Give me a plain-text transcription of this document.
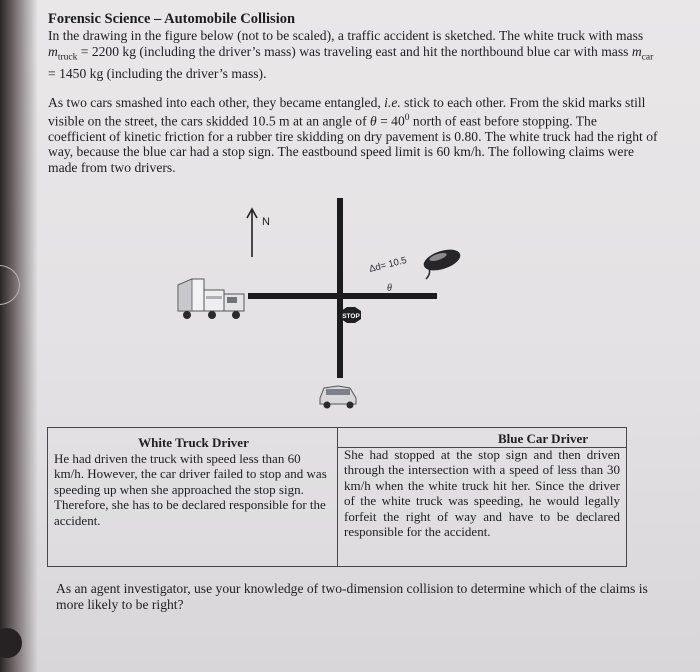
Forensic Science – Automobile Collision
In the drawing in the figure below (not to be scaled), a traffic accident is sketched. The white truck with mass $m_{truck} = 2200$ kg (including the driver’s mass) was traveling east and hit the northbound blue car with mass $m_{car} = 1450$ kg (including the driver’s mass).
As two cars smashed into each other, they became entangled, i.e. stick to each other. From the skid marks still visible on the street, the cars skidded 10.5 m at an angle of $\theta = 40^0$ north of east before stopping. The coefficient of kinetic friction for a rubber tire skidding on dry pavement is 0.80. The white truck had the right of way, because the blue car had a stop sign. The eastbound speed limit is 60 km/h. The following claims were made from two drivers.
N
Δd= 10.5
θ
STOP
White Truck Driver
He had driven the truck with speed less than 60 km/h. However, the car driver failed to stop and was speeding up when she approached the stop sign. Therefore, she has to be declared responsible for the accident.
Blue Car Driver
She had stopped at the stop sign and then driven through the intersection with a speed of less than 30 km/h when the white truck hit her. Since the driver of the white truck was speeding, he would legally forfeit the right of way and have to be declared responsible for the accident.
As an agent investigator, use your knowledge of two-dimension collision to determine which of the claims is more likely to be right?
